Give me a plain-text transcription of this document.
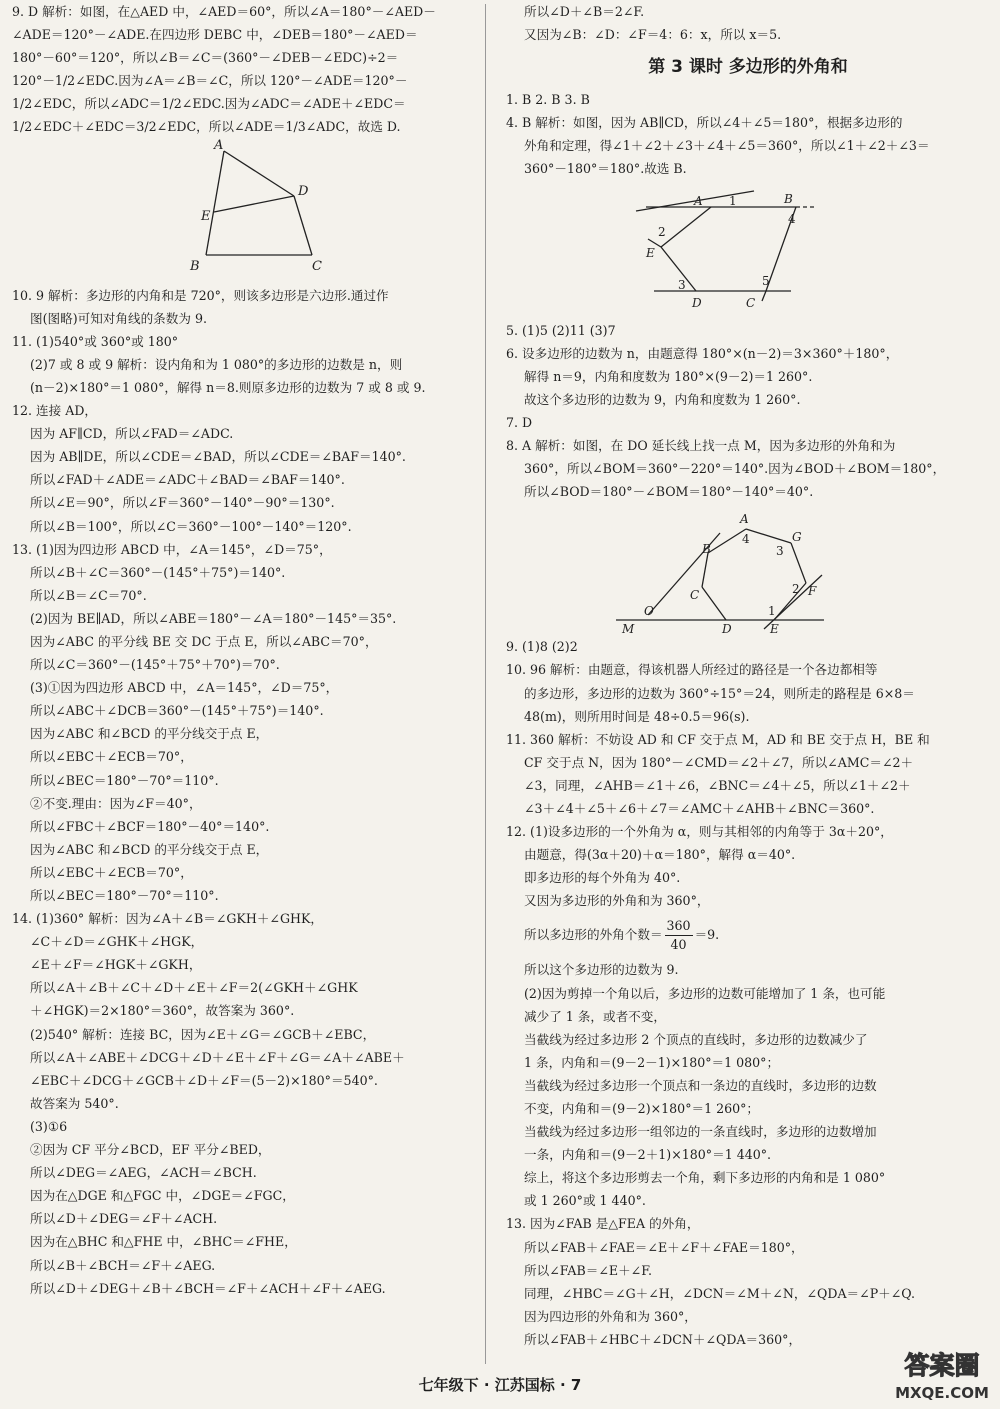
9. D 解析：如图，在△AED 中，∠AED＝60°，所以∠A＝180°－∠AED－
∠ADE＝120°－∠ADE.在四边形 DEBC 中，∠DEB＝180°－∠AED＝
180°－60°＝120°，所以∠B＝∠C＝(360°－∠DEB－∠EDC)÷2＝
120°－1/2∠EDC.因为∠A＝∠B＝∠C，所以 120°－∠ADE＝120°－
1/2∠EDC，所以∠ADC＝1/2∠EDC.因为∠ADC＝∠ADE＋∠EDC＝
1/2∠EDC＋∠EDC＝3/2∠EDC，所以∠ADE＝1/3∠ADC，故选 D.
A
D
E
B	C
10. 9 解析：多边形的内角和是 720°，则该多边形是六边形.通过作
图(图略)可知对角线的条数为 9.
11. (1)540°或 360°或 180°
(2)7 或 8 或 9 解析：设内角和为 1 080°的多边形的边数是 n，则
(n－2)×180°＝1 080°，解得 n＝8.则原多边形的边数为 7 或 8 或 9.
12. 连接 AD，
因为 AF∥CD，所以∠FAD＝∠ADC.
因为 AB∥DE，所以∠CDE＝∠BAD，所以∠CDE＝∠BAF＝140°.
所以∠FAD＋∠ADE＝∠ADC＋∠BAD＝∠BAF＝140°.
所以∠E＝90°，所以∠F＝360°－140°－90°＝130°.
所以∠B＝100°，所以∠C＝360°－100°－140°＝120°.
13. (1)因为四边形 ABCD 中，∠A＝145°，∠D＝75°，
所以∠B＋∠C＝360°－(145°＋75°)＝140°.
所以∠B＝∠C＝70°.
(2)因为 BE∥AD，所以∠ABE＝180°－∠A＝180°－145°＝35°.
因为∠ABC 的平分线 BE 交 DC 于点 E，所以∠ABC＝70°，
所以∠C＝360°－(145°＋75°＋70°)＝70°.
(3)①因为四边形 ABCD 中，∠A＝145°，∠D＝75°，
所以∠ABC＋∠DCB＝360°－(145°＋75°)＝140°.
因为∠ABC 和∠BCD 的平分线交于点 E，
所以∠EBC＋∠ECB＝70°，
所以∠BEC＝180°－70°＝110°.
②不变.理由：因为∠F＝40°，
所以∠FBC＋∠BCF＝180°－40°＝140°.
因为∠ABC 和∠BCD 的平分线交于点 E，
所以∠EBC＋∠ECB＝70°，
所以∠BEC＝180°－70°＝110°.
14. (1)360° 解析：因为∠A＋∠B＝∠GKH＋∠GHK，
∠C＋∠D＝∠GHK＋∠HGK，
∠E＋∠F＝∠HGK＋∠GKH，
所以∠A＋∠B＋∠C＋∠D＋∠E＋∠F＝2(∠GKH＋∠GHK
＋∠HGK)＝2×180°＝360°，故答案为 360°.
(2)540° 解析：连接 BC，因为∠E＋∠G＝∠GCB＋∠EBC，
所以∠A＋∠ABE＋∠DCG＋∠D＋∠E＋∠F＋∠G＝∠A＋∠ABE＋
∠EBC＋∠DCG＋∠GCB＋∠D＋∠F＝(5－2)×180°＝540°.
故答案为 540°.
(3)①6
②因为 CF 平分∠BCD，EF 平分∠BED，
所以∠DEG＝∠AEG，∠ACH＝∠BCH.
因为在△DGE 和△FGC 中，∠DGE＝∠FGC，
所以∠D＋∠DEG＝∠F＋∠ACH.
因为在△BHC 和△FHE 中，∠BHC＝∠FHE，
所以∠B＋∠BCH＝∠F＋∠AEG.
所以∠D＋∠DEG＋∠B＋∠BCH＝∠F＋∠ACH＋∠F＋∠AEG.
所以∠D＋∠B＝2∠F.
又因为∠B：∠D：∠F＝4：6：x，所以 x＝5.
第 3 课时 多边形的外角和
1. B 2. B 3. B
4. B 解析：如图，因为 AB∥CD，所以∠4＋∠5＝180°，根据多边形的
外角和定理，得∠1＋∠2＋∠3＋∠4＋∠5＝360°，所以∠1＋∠2＋∠3＝
360°－180°＝180°.故选 B.
A 1	B
4
2
E
3
D	C
5
5. (1)5 (2)11 (3)7
6. 设多边形的边数为 n，由题意得 180°×(n－2)＝3×360°＋180°，
解得 n＝9，内角和度数为 180°×(9－2)＝1 260°.
故这个多边形的边数为 9，内角和度数为 1 260°.
7. D
8. A 解析：如图，在 DO 延长线上找一点 M，因为多边形的外角和为
360°，所以∠BOM＝360°－220°＝140°.因为∠BOD＋∠BOM＝180°，
所以∠BOD＝180°－∠BOM＝180°－140°＝40°.
A
4
3
G
B
2
C	F
O	1
M	D	E
9. (1)8 (2)2
10. 96 解析：由题意，得该机器人所经过的路径是一个各边都相等
的多边形，多边形的边数为 360°÷15°＝24，则所走的路程是 6×8＝
48(m)，则所用时间是 48÷0.5＝96(s).
11. 360 解析：不妨设 AD 和 CF 交于点 M，AD 和 BE 交于点 H，BE 和
CF 交于点 N，因为 180°－∠CMD＝∠2＋∠7，所以∠AMC＝∠2＋
∠3，同理，∠AHB＝∠1＋∠6，∠BNC＝∠4＋∠5，所以∠1＋∠2＋
∠3＋∠4＋∠5＋∠6＋∠7＝∠AMC＋∠AHB＋∠BNC＝360°.
12. (1)设多边形的一个外角为 α，则与其相邻的内角等于 3α＋20°，
由题意，得(3α＋20)＋α＝180°，解得 α＝40°.
即多边形的每个外角为 40°.
又因为多边形的外角和为 360°，
所以多边形的外角个数＝ $\frac{360}{40} =9$.
所以这个多边形的边数为 9.
(2)因为剪掉一个角以后，多边形的边数可能增加了 1 条，也可能
减少了 1 条，或者不变，
当截线为经过多边形 2 个顶点的直线时，多边形的边数减少了
1 条，内角和＝(9－2－1)×180°＝1 080°；
当截线为经过多边形一个顶点和一条边的直线时，多边形的边数
不变，内角和＝(9－2)×180°＝1 260°；
当截线为经过多边形一组邻边的一条直线时，多边形的边数增加
一条，内角和＝(9－2＋1)×180°＝1 440°.
综上，将这个多边形剪去一个角，剩下多边形的内角和是 1 080°
或 1 260°或 1 440°.
13. 因为∠FAB 是△FEA 的外角，
所以∠FAB＋∠FAE＝∠E＋∠F＋∠FAE＝180°，
所以∠FAB＝∠E＋∠F.
同理，∠HBC＝∠G＋∠H，∠DCN＝∠M＋∠N，∠QDA＝∠P＋∠Q.
因为四边形的外角和为 360°，
所以∠FAB＋∠HBC＋∠DCN＋∠QDA＝360°，
七年级下 · 江苏国标 · 7
答案圈
MXQE.COM
